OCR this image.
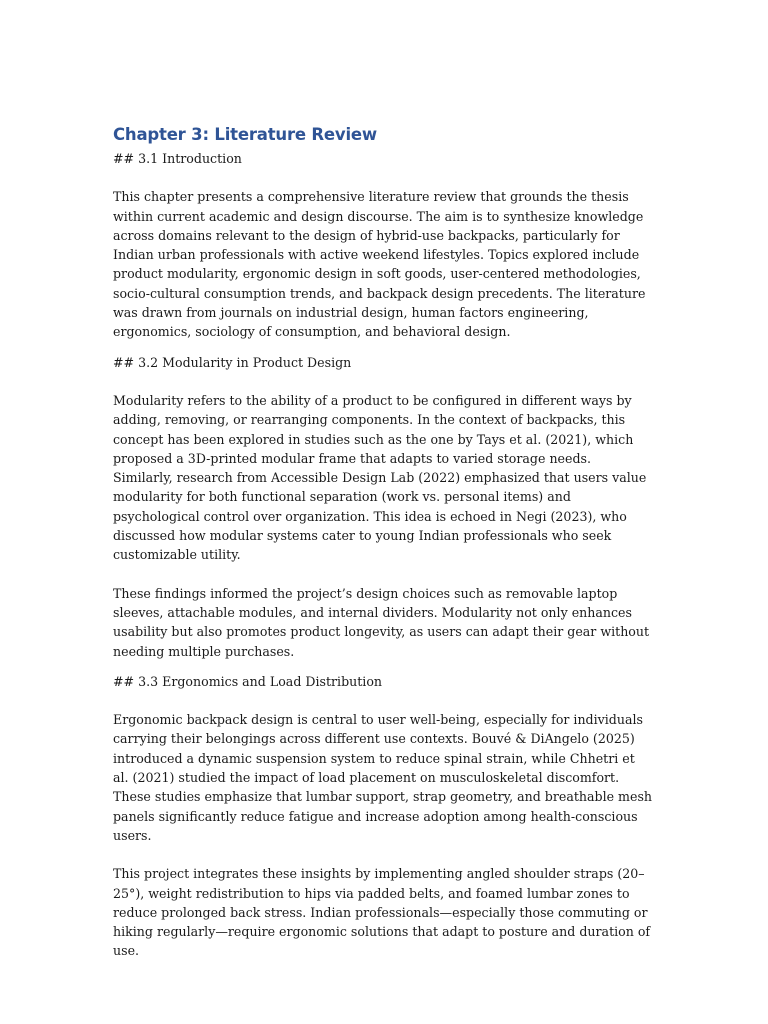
Chapter 3: Literature Review

## 3.1 Introduction

This chapter presents a comprehensive literature review that grounds the thesis within current academic and design discourse. The aim is to synthesize knowledge across domains relevant to the design of hybrid-use backpacks, particularly for Indian urban professionals with active weekend lifestyles. Topics explored include product modularity, ergonomic design in soft goods, user-centered methodologies, socio-cultural consumption trends, and backpack design precedents. The literature was drawn from journals on industrial design, human factors engineering, ergonomics, sociology of consumption, and behavioral design.

## 3.2 Modularity in Product Design

Modularity refers to the ability of a product to be configured in different ways by adding, removing, or rearranging components. In the context of backpacks, this concept has been explored in studies such as the one by Tays et al. (2021), which proposed a 3D-printed modular frame that adapts to varied storage needs. Similarly, research from Accessible Design Lab (2022) emphasized that users value modularity for both functional separation (work vs. personal items) and psychological control over organization. This idea is echoed in Negi (2023), who discussed how modular systems cater to young Indian professionals who seek customizable utility.

These findings informed the project’s design choices such as removable laptop sleeves, attachable modules, and internal dividers. Modularity not only enhances usability but also promotes product longevity, as users can adapt their gear without needing multiple purchases.

## 3.3 Ergonomics and Load Distribution

Ergonomic backpack design is central to user well-being, especially for individuals carrying their belongings across different use contexts. Bouvé & DiAngelo (2025) introduced a dynamic suspension system to reduce spinal strain, while Chhetri et al. (2021) studied the impact of load placement on musculoskeletal discomfort. These studies emphasize that lumbar support, strap geometry, and breathable mesh panels significantly reduce fatigue and increase adoption among health-conscious users.

This project integrates these insights by implementing angled shoulder straps (20–25°), weight redistribution to hips via padded belts, and foamed lumbar zones to reduce prolonged back stress. Indian professionals—especially those commuting or hiking regularly—require ergonomic solutions that adapt to posture and duration of use.
